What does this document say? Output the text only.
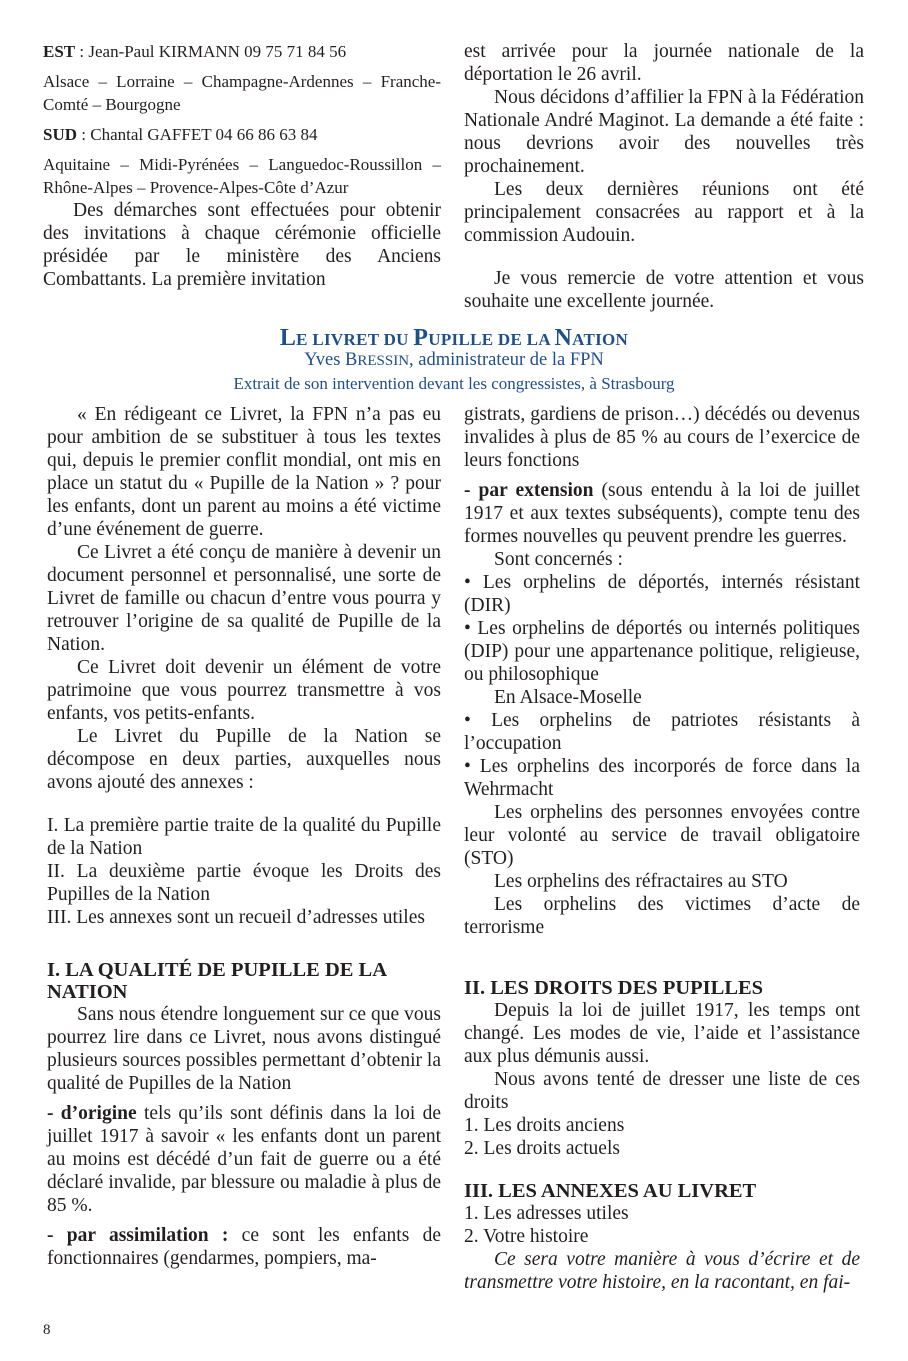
EST : Jean-Paul KIRMANN 09 75 71 84 56

Alsace – Lorraine – Champagne-Ardennes – Franche-Comté – Bourgogne

SUD : Chantal GAFFET 04 66 86 63 84

Aquitaine – Midi-Pyrénées – Languedoc-Roussillon – Rhône-Alpes – Provence-Alpes-Côte d’Azur

Des démarches sont effectuées pour obtenir des invitations à chaque cérémonie officielle présidée par le ministère des Anciens Combattants. La première invitation

est arrivée pour la journée nationale de la déportation le 26 avril.

Nous décidons d’affilier la FPN à la Fédération Nationale André Maginot. La demande a été faite : nous devrions avoir des nouvelles très prochainement.

Les deux dernières réunions ont été principalement consacrées au rapport et à la commission Audouin.

Je vous remercie de votre attention et vous souhaite une excellente journée.

LE LIVRET DU PUPILLE DE LA NATION
Yves BRESSIN, administrateur de la FPN
Extrait de son intervention devant les congressistes, à Strasbourg

« En rédigeant ce Livret, la FPN n’a pas eu pour ambition de se substituer à tous les textes qui, depuis le premier conflit mondial, ont mis en place un statut du « Pupille de la Nation » ? pour les enfants, dont un parent au moins a été victime d’une événement de guerre.

Ce Livret a été conçu de manière à devenir un document personnel et personnalisé, une sorte de Livret de famille ou chacun d’entre vous pourra y retrouver l’origine de sa qualité de Pupille de la Nation.

Ce Livret doit devenir un élément de votre patrimoine que vous pourrez transmettre à vos enfants, vos petits-enfants.

Le Livret du Pupille de la Nation se décompose en deux parties, auxquelles nous avons ajouté des annexes :

I. La première partie traite de la qualité du Pupille de la Nation

II. La deuxième partie évoque les Droits des Pupilles de la Nation

III. Les annexes sont un recueil d’adresses utiles

I. LA QUALITÉ DE PUPILLE DE LA NATION

Sans nous étendre longuement sur ce que vous pourrez lire dans ce Livret, nous avons distingué plusieurs sources possibles permettant d’obtenir la qualité de Pupilles de la Nation

- d’origine tels qu’ils sont définis dans la loi de juillet 1917 à savoir « les enfants dont un parent au moins est décédé d’un fait de guerre ou a été déclaré invalide, par blessure ou maladie à plus de 85 %.

- par assimilation : ce sont les enfants de fonctionnaires (gendarmes, pompiers, ma-

gistrats, gardiens de prison…) décédés ou devenus invalides à plus de 85 % au cours de l’exercice de leurs fonctions

- par extension (sous entendu à la loi de juillet 1917 et aux textes subséquents), compte tenu des formes nouvelles qu peuvent prendre les guerres.

Sont concernés :

• Les orphelins de déportés, internés résistant (DIR)

• Les orphelins de déportés ou internés politiques (DIP) pour une appartenance politique, religieuse, ou philosophique

En Alsace-Moselle

• Les orphelins de patriotes résistants à l’occupation

• Les orphelins des incorporés de force dans la Wehrmacht

Les orphelins des personnes envoyées contre leur volonté au service de travail obligatoire (STO)

Les orphelins des réfractaires au STO

Les orphelins des victimes d’acte de terrorisme

II. LES DROITS DES PUPILLES

Depuis la loi de juillet 1917, les temps ont changé. Les modes de vie, l’aide et l’assistance aux plus démunis aussi.

Nous avons tenté de dresser une liste de ces droits

1. Les droits anciens

2. Les droits actuels

III. LES ANNEXES AU LIVRET

1. Les adresses utiles

2. Votre histoire

Ce sera votre manière à vous d’écrire et de transmettre votre histoire, en la racontant, en fai-

8
